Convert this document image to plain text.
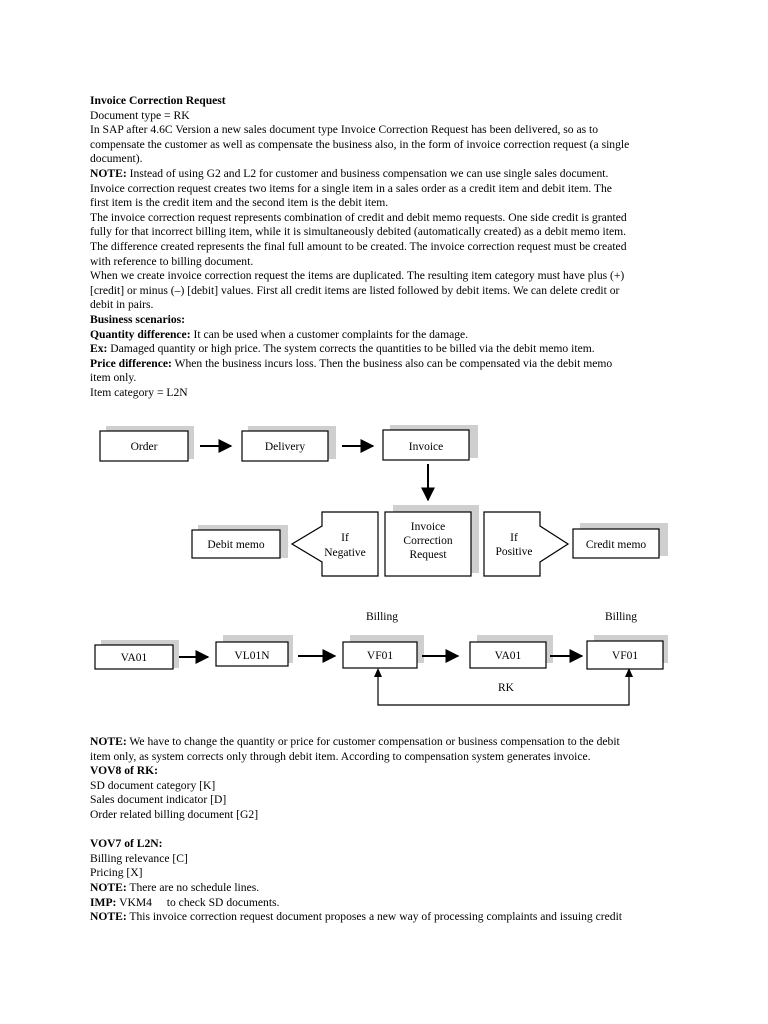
Invoice Correction Request
Document type = RK
In SAP after 4.6C Version a new sales document type Invoice Correction Request has been delivered, so as to
compensate the customer as well as compensate the business also, in the form of invoice correction request (a single
document).
NOTE: Instead of using G2 and L2 for customer and business compensation we can use single sales document.
Invoice correction request creates two items for a single item in a sales order as a credit item and debit item. The
first item is the credit item and the second item is the debit item.
The invoice correction request represents combination of credit and debit memo requests. One side credit is granted
fully for that incorrect billing item, while it is simultaneously debited (automatically created) as a debit memo item.
The difference created represents the final full amount to be created. The invoice correction request must be created
with reference to billing document.
When we create invoice correction request the items are duplicated. The resulting item category must have plus (+)
[credit] or minus (–) [debit] values. First all credit items are listed followed by debit items. We can delete credit or
debit in pairs.
Business scenarios:
Quantity difference: It can be used when a customer complaints for the damage.
Ex: Damaged quantity or high price. The system corrects the quantities to be billed via the debit memo item.
Price difference: When the business incurs loss. Then the business also can be compensated via the debit memo
item only.
Item category = L2N
Order	Delivery	Invoice
Invoice
Correction
Request
If
Negative
Debit memo
If
Positive
Credit memo
Billing	Billing
VA01	VL01N	VF01	VA01	VF01
RK
NOTE: We have to change the quantity or price for customer compensation or business compensation to the debit
item only, as system corrects only through debit item. According to compensation system generates invoice.
VOV8 of RK:
SD document category [K]
Sales document indicator [D]
Order related billing document [G2]
VOV7 of L2N:
Billing relevance [C]
Pricing [X]
NOTE: There are no schedule lines.
IMP: VKM4   to check SD documents.
NOTE: This invoice correction request document proposes a new way of processing complaints and issuing credit
